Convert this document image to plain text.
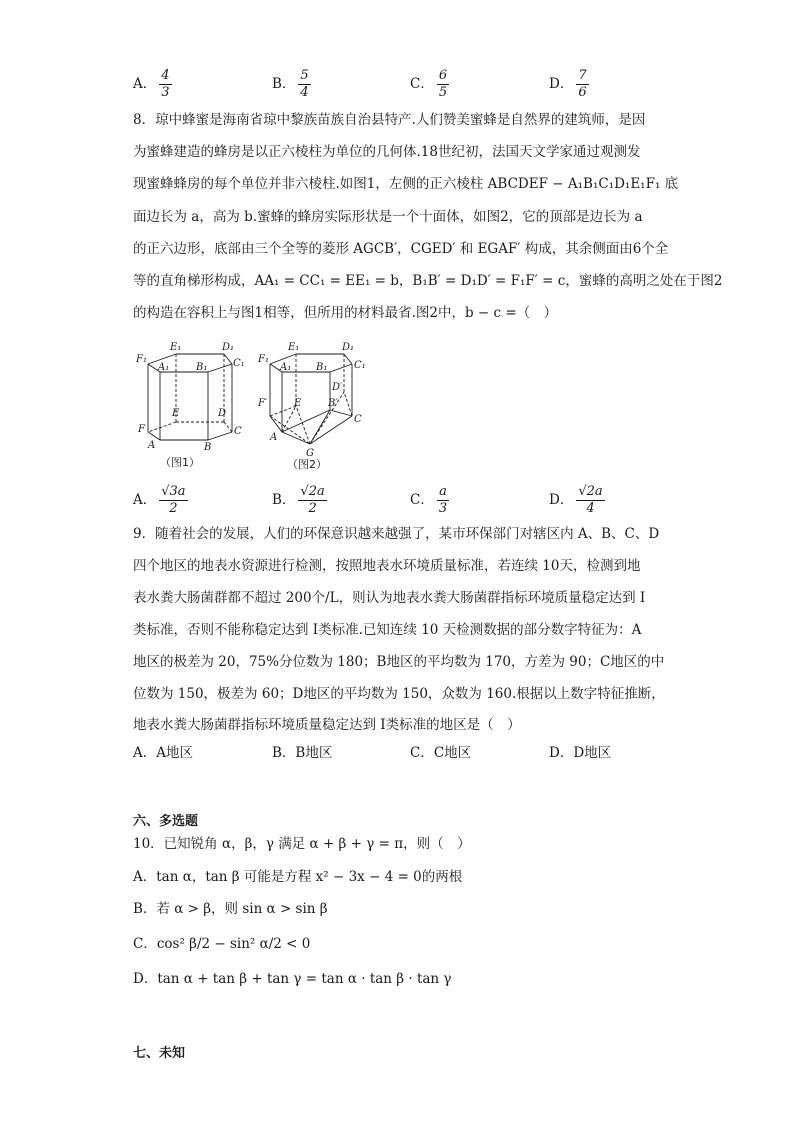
A． $\frac{4}{3}$	B． $\frac{5}{4}$	C． $\frac{6}{5}$	D． $\frac{7}{6}$
8．琼中蜂蜜是海南省琼中黎族苗族自治县特产.人们赞美蜜蜂是自然界的建筑师，是因
为蜜蜂建造的蜂房是以正六棱柱为单位的几何体.18世纪初，法国天文学家通过观测发
现蜜蜂蜂房的每个单位并非六棱柱.如图1，左侧的正六棱柱 ABCDEF − A₁B₁C₁D₁E₁F₁ 底
面边长为 a，高为 b.蜜蜂的蜂房实际形状是一个十面体，如图2，它的顶部是边长为 a
的正六边形，底部由三个全等的菱形 AGCB′，CGED′ 和 EGAF′ 构成，其余侧面由6个全
等的直角梯形构成，AA₁ = CC₁ = EE₁ = b，B₁B′ = D₁D′ = F₁F′ = c，蜜蜂的高明之处在于图2
的构造在容积上与图1相等，但所用的材料最省.图2中，b − c =（　）
E₁	D₁
F₁
A₁	B₁	C₁
E	D
F
A	B
C
（图1）
E₁	D₁
F₁
A₁ B₁	C₁
D′
F′	E	B′
A
C
G
（图2）
A． $\frac{√3a}{2}$	B． $\frac{√2a}{2}$	C． $\frac{a}{3}$	D． $\frac{√2a}{4}$
9．随着社会的发展，人们的环保意识越来越强了，某市环保部门对辖区内 A、B、C、D
四个地区的地表水资源进行检测，按照地表水环境质量标准，若连续 10天，检测到地
表水粪大肠菌群都不超过 200个/L，则认为地表水粪大肠菌群指标环境质量稳定达到 I
类标准，否则不能称稳定达到 I类标准.已知连续 10 天检测数据的部分数字特征为：A
地区的极差为 20，75%分位数为 180；B地区的平均数为 170，方差为 90；C地区的中
位数为 150，极差为 60；D地区的平均数为 150，众数为 160.根据以上数字特征推断，
地表水粪大肠菌群指标环境质量稳定达到 I类标准的地区是（　）
A．A地区	B．B地区	C．C地区	D．D地区
六、多选题
10．已知锐角 α，β，γ 满足 α + β + γ = π，则（　）
A．tan α，tan β 可能是方程 x² − 3x − 4 = 0的两根
B．若 α > β，则 sin α > sin β
C．cos² β/2 − sin² α/2 < 0
D．tan α + tan β + tan γ = tan α · tan β · tan γ
七、未知
